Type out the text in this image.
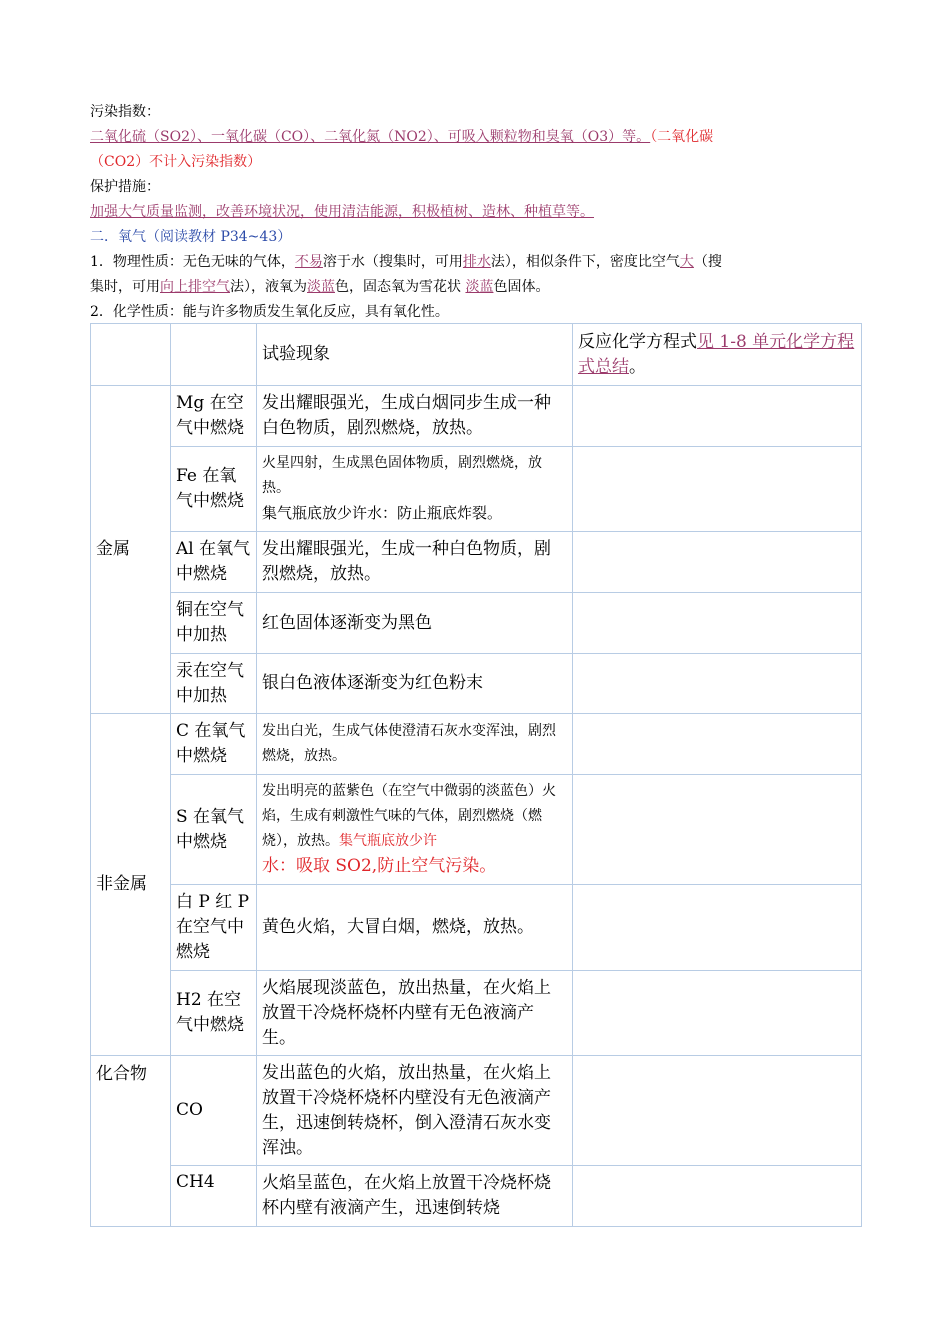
污染指数：
二氧化硫（SO2）、一氧化碳（CO）、二氧化氮（NO2）、可吸入颗粒物和臭氧（O3）等。（二氧化碳
（CO2）不计入污染指数）
保护措施：
加强大气质量监测，改善环境状况，使用清洁能源，积极植树、造林、种植草等。
二．氧气（阅读教材 P34~43）
1．物理性质：无色无味的气体，不易溶于水（搜集时，可用排水法），相似条件下，密度比空气大（搜
集时，可用向上排空气法），液氧为淡蓝色，固态氧为雪花状 淡蓝色固体。
2．化学性质：能与许多物质发生氧化反应，具有氧化性。
		试验现象	反应化学方程式见 1-8 单元化学方程式总结。
金属	Mg 在空气中燃烧	发出耀眼强光，生成白烟同步生成一种白色物质，剧烈燃烧，放热。	
	Fe 在氧气中燃烧	火星四射，生成黑色固体物质，剧烈燃烧，放热。
集气瓶底放少许水：防止瓶底炸裂。	
	Al 在氧气中燃烧	发出耀眼强光，生成一种白色物质，剧烈燃烧，放热。	
	铜在空气中加热	红色固体逐渐变为黑色	
	汞在空气中加热	银白色液体逐渐变为红色粉末	
非金属	C 在氧气中燃烧	发出白光，生成气体使澄清石灰水变浑浊，剧烈燃烧，放热。	
	S 在氧气中燃烧	发出明亮的蓝紫色（在空气中微弱的淡蓝色）火焰，生成有刺激性气味的气体，剧烈燃烧（燃烧），放热。集气瓶底放少许
水：吸取 SO2,防止空气污染。	
	白 P 红 P 在空气中燃烧	黄色火焰，大冒白烟，燃烧，放热。	
	H2 在空气中燃烧	火焰展现淡蓝色，放出热量，在火焰上放置干冷烧杯烧杯内壁有无色液滴产生。	
化合物	CO	发出蓝色的火焰，放出热量，在火焰上放置干冷烧杯烧杯内壁没有无色液滴产生，迅速倒转烧杯，倒入澄清石灰水变浑浊。	
	CH4	火焰呈蓝色，在火焰上放置干冷烧杯烧杯内壁有液滴产生，迅速倒转烧	
